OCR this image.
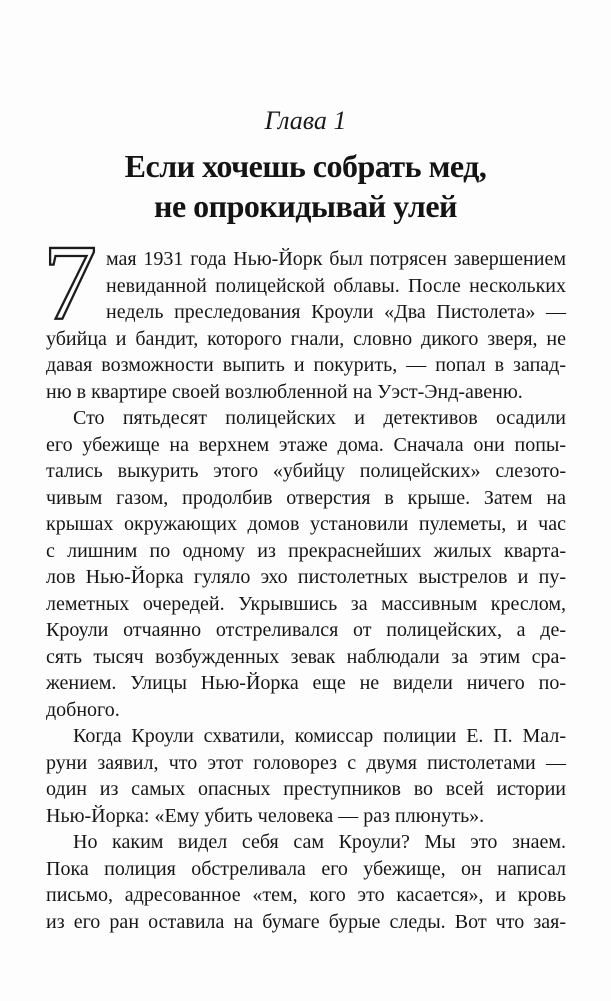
Глава 1
Если хочешь собрать мед,
не опрокидывай улей
7 мая 1931 года Нью-Йорк был потрясен завершением
невиданной полицейской облавы. После нескольких
недель преследования Кроули «Два Пистолета» —
убийца и бандит, которого гнали, словно дикого зверя, не
давая возможности выпить и покурить, — попал в запад-
ню в квартире своей возлюбленной на Уэст-Энд-авеню.
Сто пятьдесят полицейских и детективов осадили
его убежище на верхнем этаже дома. Сначала они попы-
тались выкурить этого «убийцу полицейских» слезото-
чивым газом, продолбив отверстия в крыше. Затем на
крышах окружающих домов установили пулеметы, и час
с лишним по одному из прекраснейших жилых кварта-
лов Нью-Йорка гуляло эхо пистолетных выстрелов и пу-
леметных очередей. Укрывшись за массивным креслом,
Кроули отчаянно отстреливался от полицейских, а де-
сять тысяч возбужденных зевак наблюдали за этим сра-
жением. Улицы Нью-Йорка еще не видели ничего по-
добного.
Когда Кроули схватили, комиссар полиции Е. П. Мал-
руни заявил, что этот головорез с двумя пистолетами —
один из самых опасных преступников во всей истории
Нью-Йорка: «Ему убить человека — раз плюнуть».
Но каким видел себя сам Кроули? Мы это знаем.
Пока полиция обстреливала его убежище, он написал
письмо, адресованное «тем, кого это касается», и кровь
из его ран оставила на бумаге бурые следы. Вот что зая-
